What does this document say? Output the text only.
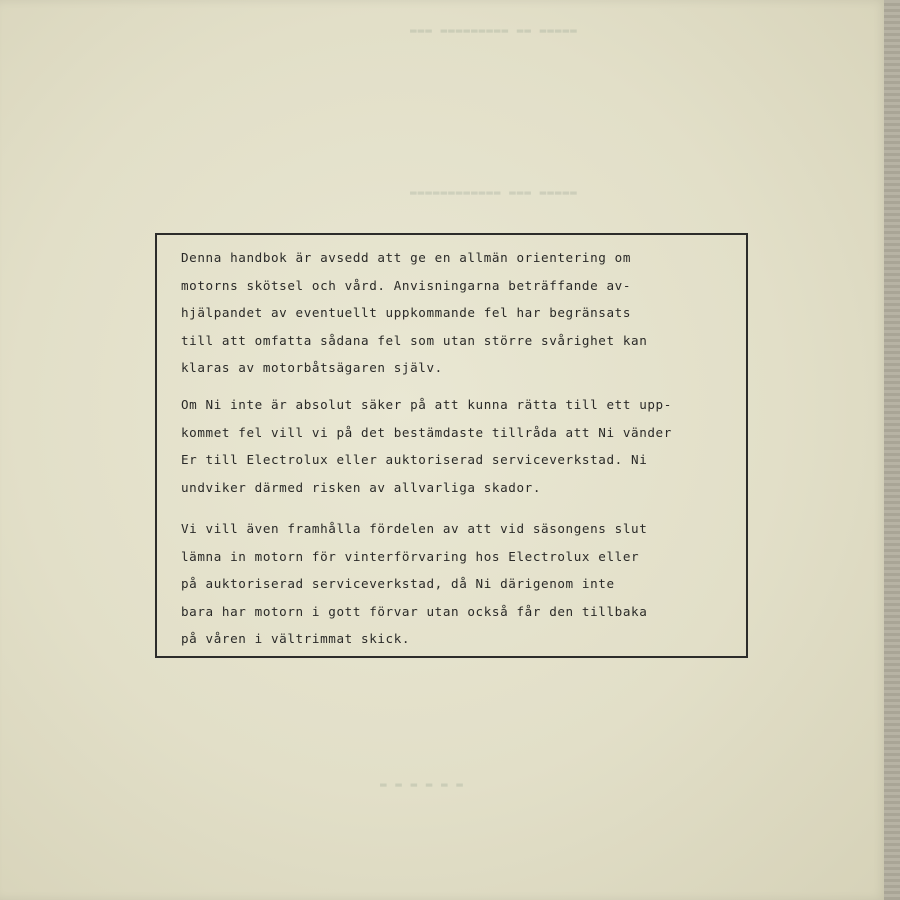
▬▬▬ ▬▬▬▬▬▬▬▬▬ ▬▬ ▬▬▬▬▬
▬▬▬▬▬▬▬▬▬▬▬▬ ▬▬▬ ▬▬▬▬▬
▬ ▬ ▬ ▬ ▬ ▬

Denna handbok är avsedd att ge en allmän orientering om
motorns skötsel och vård. Anvisningarna beträffande av-
hjälpandet av eventuellt uppkommande fel har begränsats
till att omfatta sådana fel som utan större svårighet kan
klaras av motorbåtsägaren själv.

Om Ni inte är absolut säker på att kunna rätta till ett upp-
kommet fel vill vi på det bestämdaste tillråda att Ni vänder
Er till Electrolux eller auktoriserad serviceverkstad. Ni
undviker därmed risken av allvarliga skador.

Vi vill även framhålla fördelen av att vid säsongens slut
lämna in motorn för vinterförvaring hos Electrolux eller
på auktoriserad serviceverkstad, då Ni därigenom inte
bara har motorn i gott förvar utan också får den tillbaka
på våren i vältrimmat skick.
